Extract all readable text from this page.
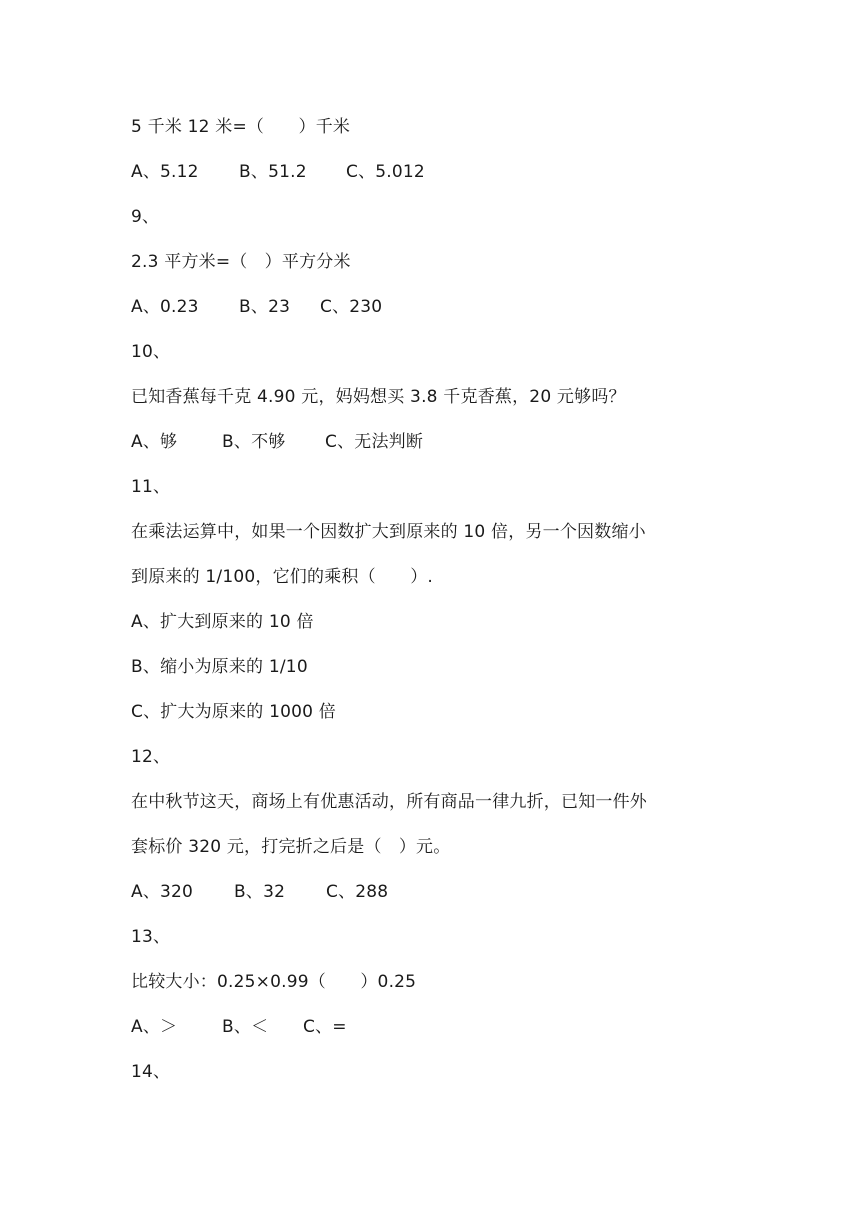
5 千米 12 米=（　　）千米
A、5.12	B、51.2	C、5.012
9、
2.3 平方米=（　）平方分米
A、0.23	B、23	C、230
10、
已知香蕉每千克 4.90 元，妈妈想买 3.8 千克香蕉，20 元够吗？
A、够	B、不够	C、无法判断
11、
在乘法运算中，如果一个因数扩大到原来的 10 倍，另一个因数缩小
到原来的 1/100，它们的乘积（　　）.
A、扩大到原来的 10 倍
B、缩小为原来的 1/10
C、扩大为原来的 1000 倍
12、
在中秋节这天，商场上有优惠活动，所有商品一律九折，已知一件外
套标价 320 元，打完折之后是（　）元。
A、320	B、32	C、288
13、
比较大小：0.25×0.99（　　）0.25
A、＞	B、＜	C、=
14、
